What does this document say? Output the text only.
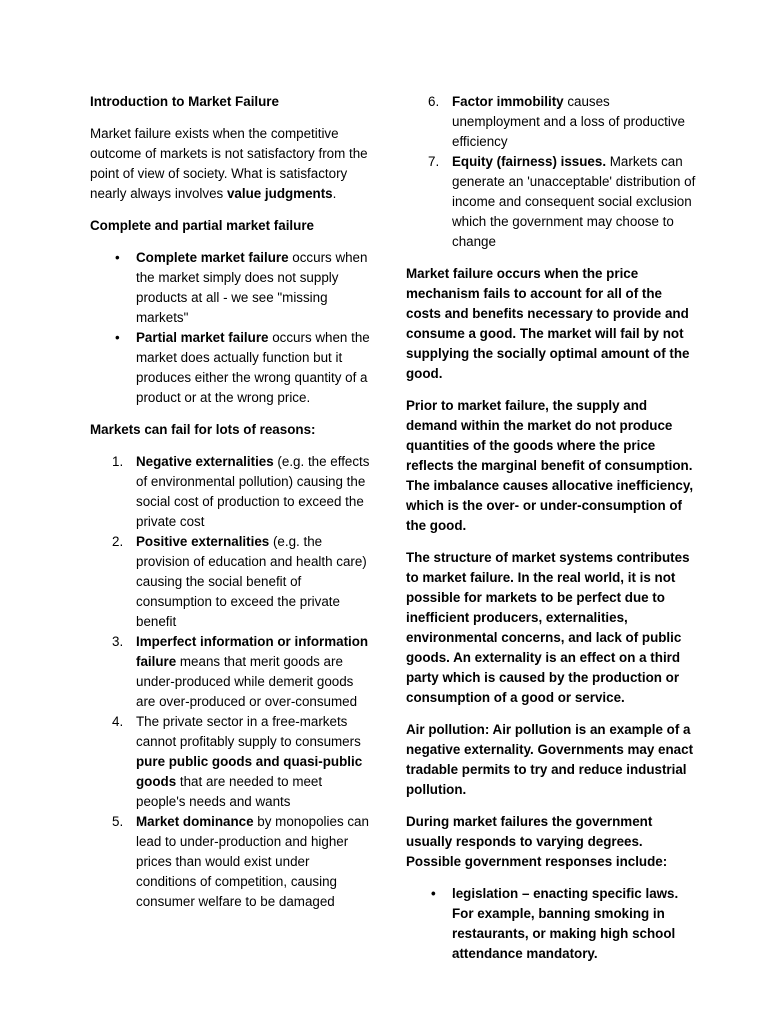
Introduction to Market Failure

Market failure exists when the competitive outcome of markets is not satisfactory from the point of view of society. What is satisfactory nearly always involves value judgments.

Complete and partial market failure

• Complete market failure occurs when the market simply does not supply products at all - we see "missing markets"
• Partial market failure occurs when the market does actually function but it produces either the wrong quantity of a product or at the wrong price.

Markets can fail for lots of reasons:

1. Negative externalities (e.g. the effects of environmental pollution) causing the social cost of production to exceed the private cost
2. Positive externalities (e.g. the provision of education and health care) causing the social benefit of consumption to exceed the private benefit
3. Imperfect information or information failure means that merit goods are under-produced while demerit goods are over-produced or over-consumed
4. The private sector in a free-markets cannot profitably supply to consumers pure public goods and quasi-public goods that are needed to meet people's needs and wants
5. Market dominance by monopolies can lead to under-production and higher prices than would exist under conditions of competition, causing consumer welfare to be damaged
6. Factor immobility causes unemployment and a loss of productive efficiency
7. Equity (fairness) issues. Markets can generate an 'unacceptable' distribution of income and consequent social exclusion which the government may choose to change

Market failure occurs when the price mechanism fails to account for all of the costs and benefits necessary to provide and consume a good. The market will fail by not supplying the socially optimal amount of the good.

Prior to market failure, the supply and demand within the market do not produce quantities of the goods where the price reflects the marginal benefit of consumption. The imbalance causes allocative inefficiency, which is the over- or under-consumption of the good.

The structure of market systems contributes to market failure. In the real world, it is not possible for markets to be perfect due to inefficient producers, externalities, environmental concerns, and lack of public goods. An externality is an effect on a third party which is caused by the production or consumption of a good or service.

Air pollution: Air pollution is an example of a negative externality. Governments may enact tradable permits to try and reduce industrial pollution.

During market failures the government usually responds to varying degrees. Possible government responses include:

• legislation – enacting specific laws. For example, banning smoking in restaurants, or making high school attendance mandatory.
